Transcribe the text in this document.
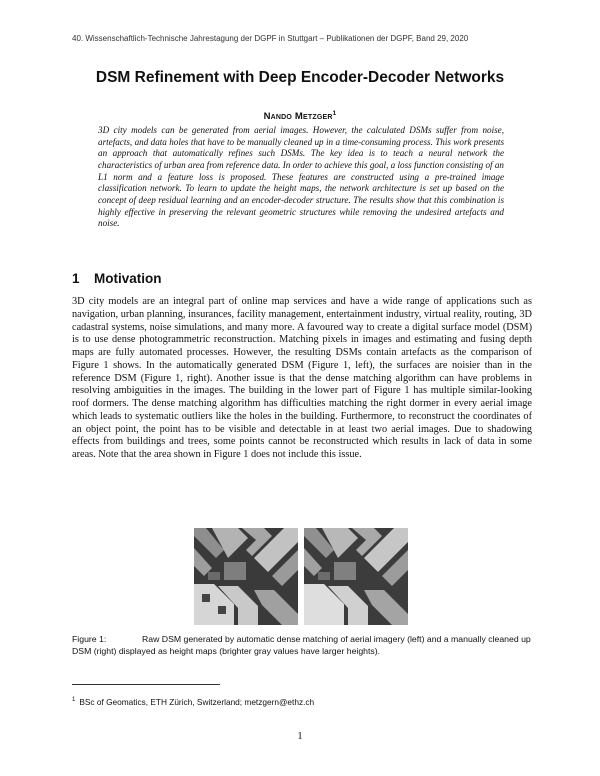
40. Wissenschaftlich-Technische Jahrestagung der DGPF in Stuttgart – Publikationen der DGPF, Band 29, 2020
DSM Refinement with Deep Encoder-Decoder Networks
Nando Metzger$^1$

3D city models can be generated from aerial images. However, the calculated DSMs suffer from noise, artefacts, and data holes that have to be manually cleaned up in a time-consuming process. This work presents an approach that automatically refines such DSMs. The key idea is to teach a neural network the characteristics of urban area from reference data. In order to achieve this goal, a loss function consisting of an L1 norm and a feature loss is proposed. These features are constructed using a pre-trained image classification network. To learn to update the height maps, the network architecture is set up based on the concept of deep residual learning and an encoder-decoder structure. The results show that this combination is highly effective in preserving the relevant geometric structures while removing the undesired artefacts and noise.

1 Motivation

3D city models are an integral part of online map services and have a wide range of applications such as navigation, urban planning, insurances, facility management, entertainment industry, virtual reality, routing, 3D cadastral systems, noise simulations, and many more. A favoured way to create a digital surface model (DSM) is to use dense photogrammetric reconstruction. Matching pixels in images and estimating and fusing depth maps are fully automated processes. However, the resulting DSMs contain artefacts as the comparison of Figure 1 shows. In the automatically generated DSM (Figure 1, left), the surfaces are noisier than in the reference DSM (Figure 1, right). Another issue is that the dense matching algorithm can have problems in resolving ambiguities in the images. The building in the lower part of Figure 1 has multiple similar-looking roof dormers. The dense matching algorithm has difficulties matching the right dormer in every aerial image which leads to systematic outliers like the holes in the building. Furthermore, to reconstruct the coordinates of an object point, the point has to be visible and detectable in at least two aerial images. Due to shadowing effects from buildings and trees, some points cannot be reconstructed which results in lack of data in some areas. Note that the area shown in Figure 1 does not include this issue.

Figure 1:	Raw DSM generated by automatic dense matching of aerial imagery (left) and a manually cleaned up DSM (right) displayed as height maps (brighter gray values have larger heights).

$^1$ BSc of Geomatics, ETH Zürich, Switzerland; metzgern@ethz.ch
1
